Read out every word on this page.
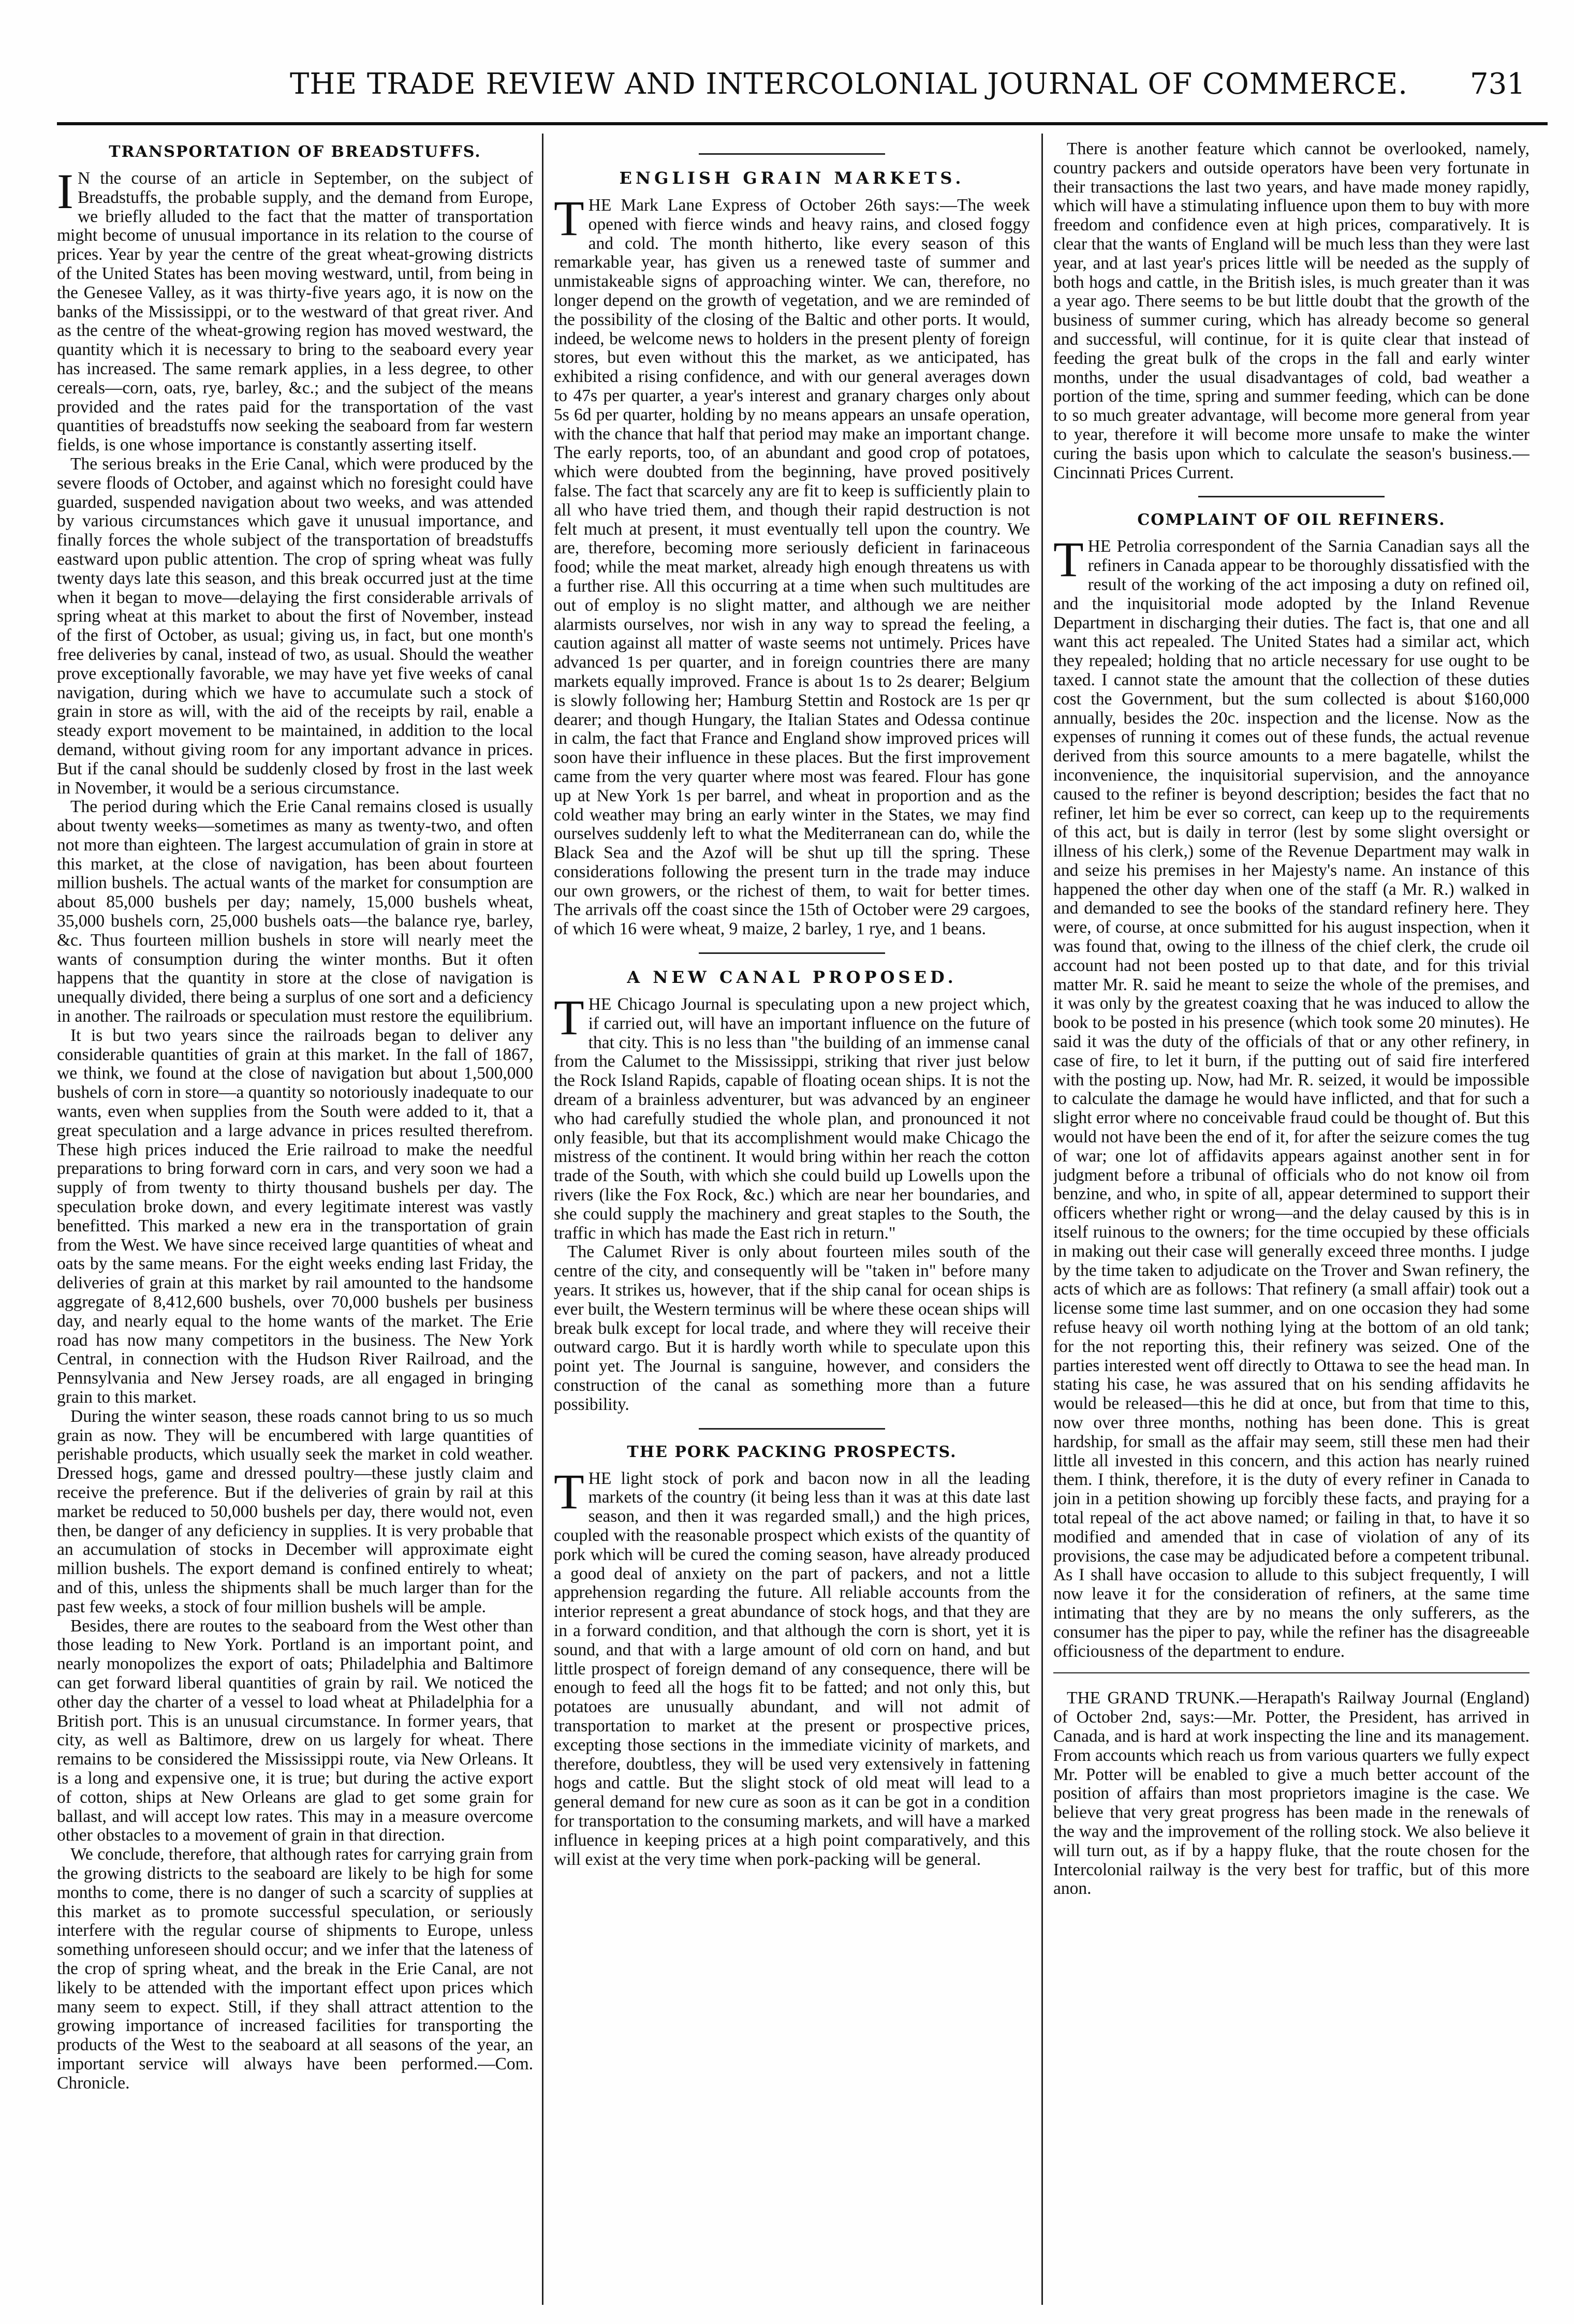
THE TRADE REVIEW AND INTERCOLONIAL JOURNAL OF COMMERCE. 731
TRANSPORTATION OF BREADSTUFFS.

IN the course of an article in September, on the subject of Breadstuffs, the probable supply, and the demand from Europe, we briefly alluded to the fact that the matter of transportation might become of unusual importance in its relation to the course of prices. Year by year the centre of the great wheat-growing districts of the United States has been moving westward, until, from being in the Genesee Valley, as it was thirty-five years ago, it is now on the banks of the Mississippi, or to the westward of that great river. And as the centre of the wheat-growing region has moved westward, the quantity which it is necessary to bring to the seaboard every year has increased. The same remark applies, in a less degree, to other cereals—corn, oats, rye, barley, &c.; and the subject of the means provided and the rates paid for the transportation of the vast quantities of breadstuffs now seeking the seaboard from far western fields, is one whose importance is constantly asserting itself.

The serious breaks in the Erie Canal, which were produced by the severe floods of October, and against which no foresight could have guarded, suspended navigation about two weeks, and was attended by various circumstances which gave it unusual importance, and finally forces the whole subject of the transportation of breadstuffs eastward upon public attention. The crop of spring wheat was fully twenty days late this season, and this break occurred just at the time when it began to move—delaying the first considerable arrivals of spring wheat at this market to about the first of November, instead of the first of October, as usual; giving us, in fact, but one month's free deliveries by canal, instead of two, as usual. Should the weather prove exceptionally favorable, we may have yet five weeks of canal navigation, during which we have to accumulate such a stock of grain in store as will, with the aid of the receipts by rail, enable a steady export movement to be maintained, in addition to the local demand, without giving room for any important advance in prices. But if the canal should be suddenly closed by frost in the last week in November, it would be a serious circumstance.

The period during which the Erie Canal remains closed is usually about twenty weeks—sometimes as many as twenty-two, and often not more than eighteen. The largest accumulation of grain in store at this market, at the close of navigation, has been about fourteen million bushels. The actual wants of the market for consumption are about 85,000 bushels per day; namely, 15,000 bushels wheat, 35,000 bushels corn, 25,000 bushels oats—the balance rye, barley, &c. Thus fourteen million bushels in store will nearly meet the wants of consumption during the winter months. But it often happens that the quantity in store at the close of navigation is unequally divided, there being a surplus of one sort and a deficiency in another. The railroads or speculation must restore the equilibrium.

It is but two years since the railroads began to deliver any considerable quantities of grain at this market. In the fall of 1867, we think, we found at the close of navigation but about 1,500,000 bushels of corn in store—a quantity so notoriously inadequate to our wants, even when supplies from the South were added to it, that a great speculation and a large advance in prices resulted therefrom. These high prices induced the Erie railroad to make the needful preparations to bring forward corn in cars, and very soon we had a supply of from twenty to thirty thousand bushels per day. The speculation broke down, and every legitimate interest was vastly benefitted. This marked a new era in the transportation of grain from the West. We have since received large quantities of wheat and oats by the same means. For the eight weeks ending last Friday, the deliveries of grain at this market by rail amounted to the handsome aggregate of 8,412,600 bushels, over 70,000 bushels per business day, and nearly equal to the home wants of the market. The Erie road has now many competitors in the business. The New York Central, in connection with the Hudson River Railroad, and the Pennsylvania and New Jersey roads, are all engaged in bringing grain to this market.

During the winter season, these roads cannot bring to us so much grain as now. They will be encumbered with large quantities of perishable products, which usually seek the market in cold weather. Dressed hogs, game and dressed poultry—these justly claim and receive the preference. But if the deliveries of grain by rail at this market be reduced to 50,000 bushels per day, there would not, even then, be danger of any deficiency in supplies. It is very probable that an accumulation of stocks in December will approximate eight million bushels. The export demand is confined entirely to wheat; and of this, unless the shipments shall be much larger than for the past few weeks, a stock of four million bushels will be ample.

Besides, there are routes to the seaboard from the West other than those leading to New York. Portland is an important point, and nearly monopolizes the export of oats; Philadelphia and Baltimore can get forward liberal quantities of grain by rail. We noticed the other day the charter of a vessel to load wheat at Philadelphia for a British port. This is an unusual circumstance. In former years, that city, as well as Baltimore, drew on us largely for wheat. There remains to be considered the Mississippi route, via New Orleans. It is a long and expensive one, it is true; but during the active export of cotton, ships at New Orleans are glad to get some grain for ballast, and will accept low rates. This may in a measure overcome other obstacles to a movement of grain in that direction.

We conclude, therefore, that although rates for carrying grain from the growing districts to the seaboard are likely to be high for some months to come, there is no danger of such a scarcity of supplies at this market as to promote successful speculation, or seriously interfere with the regular course of shipments to Europe, unless something unforeseen should occur; and we infer that the lateness of the crop of spring wheat, and the break in the Erie Canal, are not likely to be attended with the important effect upon prices which many seem to expect. Still, if they shall attract attention to the growing importance of increased facilities for transporting the products of the West to the seaboard at all seasons of the year, an important service will always have been performed.—Com. Chronicle.

ENGLISH GRAIN MARKETS.

THE Mark Lane Express of October 26th says:—The week opened with fierce winds and heavy rains, and closed foggy and cold. The month hitherto, like every season of this remarkable year, has given us a renewed taste of summer and unmistakeable signs of approaching winter. We can, therefore, no longer depend on the growth of vegetation, and we are reminded of the possibility of the closing of the Baltic and other ports. It would, indeed, be welcome news to holders in the present plenty of foreign stores, but even without this the market, as we anticipated, has exhibited a rising confidence, and with our general averages down to 47s per quarter, a year's interest and granary charges only about 5s 6d per quarter, holding by no means appears an unsafe operation, with the chance that half that period may make an important change. The early reports, too, of an abundant and good crop of potatoes, which were doubted from the beginning, have proved positively false. The fact that scarcely any are fit to keep is sufficiently plain to all who have tried them, and though their rapid destruction is not felt much at present, it must eventually tell upon the country. We are, therefore, becoming more seriously deficient in farinaceous food; while the meat market, already high enough threatens us with a further rise. All this occurring at a time when such multitudes are out of employ is no slight matter, and although we are neither alarmists ourselves, nor wish in any way to spread the feeling, a caution against all matter of waste seems not untimely. Prices have advanced 1s per quarter, and in foreign countries there are many markets equally improved. France is about 1s to 2s dearer; Belgium is slowly following her; Hamburg Stettin and Rostock are 1s per qr dearer; and though Hungary, the Italian States and Odessa continue in calm, the fact that France and England show improved prices will soon have their influence in these places. But the first improvement came from the very quarter where most was feared. Flour has gone up at New York 1s per barrel, and wheat in proportion and as the cold weather may bring an early winter in the States, we may find ourselves suddenly left to what the Mediterranean can do, while the Black Sea and the Azof will be shut up till the spring. These considerations following the present turn in the trade may induce our own growers, or the richest of them, to wait for better times. The arrivals off the coast since the 15th of October were 29 cargoes, of which 16 were wheat, 9 maize, 2 barley, 1 rye, and 1 beans.

A NEW CANAL PROPOSED.

THE Chicago Journal is speculating upon a new project which, if carried out, will have an important influence on the future of that city. This is no less than "the building of an immense canal from the Calumet to the Mississippi, striking that river just below the Rock Island Rapids, capable of floating ocean ships. It is not the dream of a brainless adventurer, but was advanced by an engineer who had carefully studied the whole plan, and pronounced it not only feasible, but that its accomplishment would make Chicago the mistress of the continent. It would bring within her reach the cotton trade of the South, with which she could build up Lowells upon the rivers (like the Fox Rock, &c.) which are near her boundaries, and she could supply the machinery and great staples to the South, the traffic in which has made the East rich in return."

The Calumet River is only about fourteen miles south of the centre of the city, and consequently will be "taken in" before many years. It strikes us, however, that if the ship canal for ocean ships is ever built, the Western terminus will be where these ocean ships will break bulk except for local trade, and where they will receive their outward cargo. But it is hardly worth while to speculate upon this point yet. The Journal is sanguine, however, and considers the construction of the canal as something more than a future possibility.

THE PORK PACKING PROSPECTS.

THE light stock of pork and bacon now in all the leading markets of the country (it being less than it was at this date last season, and then it was regarded small,) and the high prices, coupled with the reasonable prospect which exists of the quantity of pork which will be cured the coming season, have already produced a good deal of anxiety on the part of packers, and not a little apprehension regarding the future. All reliable accounts from the interior represent a great abundance of stock hogs, and that they are in a forward condition, and that although the corn is short, yet it is sound, and that with a large amount of old corn on hand, and but little prospect of foreign demand of any consequence, there will be enough to feed all the hogs fit to be fatted; and not only this, but potatoes are unusually abundant, and will not admit of transportation to market at the present or prospective prices, excepting those sections in the immediate vicinity of markets, and therefore, doubtless, they will be used very extensively in fattening hogs and cattle. But the slight stock of old meat will lead to a general demand for new cure as soon as it can be got in a condition for transportation to the consuming markets, and will have a marked influence in keeping prices at a high point comparatively, and this will exist at the very time when pork-packing will be general.

There is another feature which cannot be overlooked, namely, country packers and outside operators have been very fortunate in their transactions the last two years, and have made money rapidly, which will have a stimulating influence upon them to buy with more freedom and confidence even at high prices, comparatively. It is clear that the wants of England will be much less than they were last year, and at last year's prices little will be needed as the supply of both hogs and cattle, in the British isles, is much greater than it was a year ago. There seems to be but little doubt that the growth of the business of summer curing, which has already become so general and successful, will continue, for it is quite clear that instead of feeding the great bulk of the crops in the fall and early winter months, under the usual disadvantages of cold, bad weather a portion of the time, spring and summer feeding, which can be done to so much greater advantage, will become more general from year to year, therefore it will become more unsafe to make the winter curing the basis upon which to calculate the season's business.—Cincinnati Prices Current.

COMPLAINT OF OIL REFINERS.

THE Petrolia correspondent of the Sarnia Canadian says all the refiners in Canada appear to be thoroughly dissatisfied with the result of the working of the act imposing a duty on refined oil, and the inquisitorial mode adopted by the Inland Revenue Department in discharging their duties. The fact is, that one and all want this act repealed. The United States had a similar act, which they repealed; holding that no article necessary for use ought to be taxed. I cannot state the amount that the collection of these duties cost the Government, but the sum collected is about $160,000 annually, besides the 20c. inspection and the license. Now as the expenses of running it comes out of these funds, the actual revenue derived from this source amounts to a mere bagatelle, whilst the inconvenience, the inquisitorial supervision, and the annoyance caused to the refiner is beyond description; besides the fact that no refiner, let him be ever so correct, can keep up to the requirements of this act, but is daily in terror (lest by some slight oversight or illness of his clerk,) some of the Revenue Department may walk in and seize his premises in her Majesty's name. An instance of this happened the other day when one of the staff (a Mr. R.) walked in and demanded to see the books of the standard refinery here. They were, of course, at once submitted for his august inspection, when it was found that, owing to the illness of the chief clerk, the crude oil account had not been posted up to that date, and for this trivial matter Mr. R. said he meant to seize the whole of the premises, and it was only by the greatest coaxing that he was induced to allow the book to be posted in his presence (which took some 20 minutes). He said it was the duty of the officials of that or any other refinery, in case of fire, to let it burn, if the putting out of said fire interfered with the posting up. Now, had Mr. R. seized, it would be impossible to calculate the damage he would have inflicted, and that for such a slight error where no conceivable fraud could be thought of. But this would not have been the end of it, for after the seizure comes the tug of war; one lot of affidavits appears against another sent in for judgment before a tribunal of officials who do not know oil from benzine, and who, in spite of all, appear determined to support their officers whether right or wrong—and the delay caused by this is in itself ruinous to the owners; for the time occupied by these officials in making out their case will generally exceed three months. I judge by the time taken to adjudicate on the Trover and Swan refinery, the acts of which are as follows: That refinery (a small affair) took out a license some time last summer, and on one occasion they had some refuse heavy oil worth nothing lying at the bottom of an old tank; for the not reporting this, their refinery was seized. One of the parties interested went off directly to Ottawa to see the head man. In stating his case, he was assured that on his sending affidavits he would be released—this he did at once, but from that time to this, now over three months, nothing has been done. This is great hardship, for small as the affair may seem, still these men had their little all invested in this concern, and this action has nearly ruined them. I think, therefore, it is the duty of every refiner in Canada to join in a petition showing up forcibly these facts, and praying for a total repeal of the act above named; or failing in that, to have it so modified and amended that in case of violation of any of its provisions, the case may be adjudicated before a competent tribunal. As I shall have occasion to allude to this subject frequently, I will now leave it for the consideration of refiners, at the same time intimating that they are by no means the only sufferers, as the consumer has the piper to pay, while the refiner has the disagreeable officiousness of the department to endure.

THE GRAND TRUNK.—Herapath's Railway Journal (England) of October 2nd, says:—Mr. Potter, the President, has arrived in Canada, and is hard at work inspecting the line and its management. From accounts which reach us from various quarters we fully expect Mr. Potter will be enabled to give a much better account of the position of affairs than most proprietors imagine is the case. We believe that very great progress has been made in the renewals of the way and the improvement of the rolling stock. We also believe it will turn out, as if by a happy fluke, that the route chosen for the Intercolonial railway is the very best for traffic, but of this more anon.
